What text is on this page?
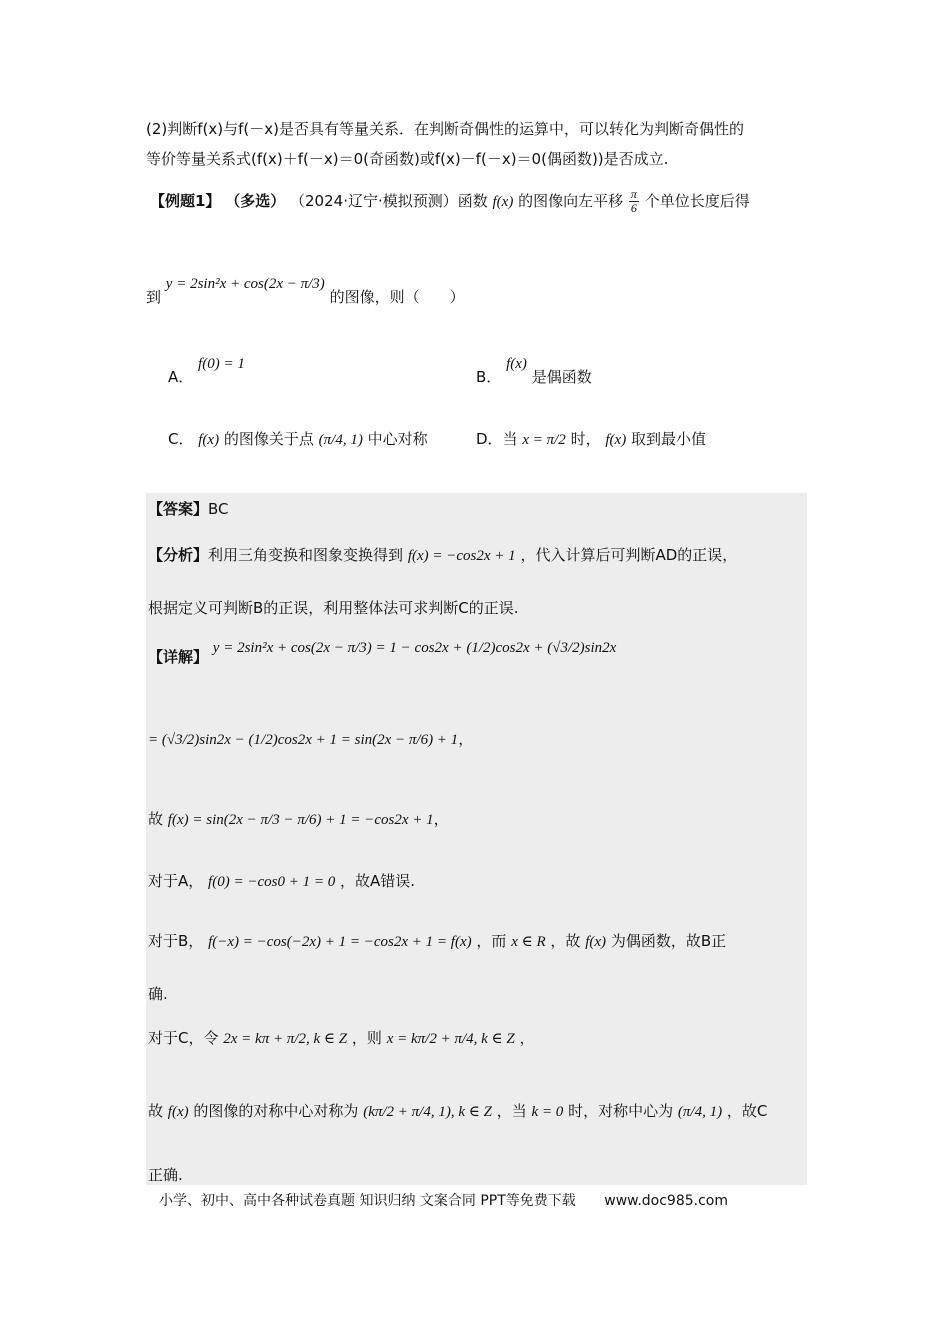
(2)判断f(x)与f(－x)是否具有等量关系．在判断奇偶性的运算中，可以转化为判断奇偶性的
等价等量关系式(f(x)＋f(－x)＝0(奇函数)或f(x)－f(－x)＝0(偶函数))是否成立.
【例题1】 （多选） （2024·辽宁·模拟预测）函数 f(x) 的图像向左平移 $\frac{\pi}{6}$ 个单位长度后得
到 y = 2sin²x + cos(2x − π/3) 的图像，则（　　）
A． f(0) = 1
B． f(x) 是偶函数
C． f(x) 的图像关于点 (π/4, 1) 中心对称	D．当 x = π/2 时， f(x) 取到最小值
【答案】BC
【分析】利用三角变换和图象变换得到 f(x) = −cos2x + 1 ，代入计算后可判断AD的正误，
根据定义可判断B的正误，利用整体法可求判断C的正误.
【详解】 y = 2sin²x + cos(2x − π/3) = 1 − cos2x + (1/2)cos2x + (√3/2)sin2x
= (√3/2)sin2x − (1/2)cos2x + 1 = sin(2x − π/6) + 1，
故 f(x) = sin(2x − π/3 − π/6) + 1 = −cos2x + 1，
对于A， f(0) = −cos0 + 1 = 0 ，故A错误.
对于B， f(−x) = −cos(−2x) + 1 = −cos2x + 1 = f(x) ，而 x ∈ R ，故 f(x) 为偶函数，故B正
确.
对于C，令 2x = kπ + π/2, k ∈ Z ，则 x = kπ/2 + π/4, k ∈ Z ，
故 f(x) 的图像的对称中心对称为 (kπ/2 + π/4, 1), k ∈ Z ，当 k = 0 时，对称中心为 (π/4, 1) ，故C
正确.
小学、初中、高中各种试卷真题 知识归纳 文案合同 PPT等免费下载 www.doc985.com
